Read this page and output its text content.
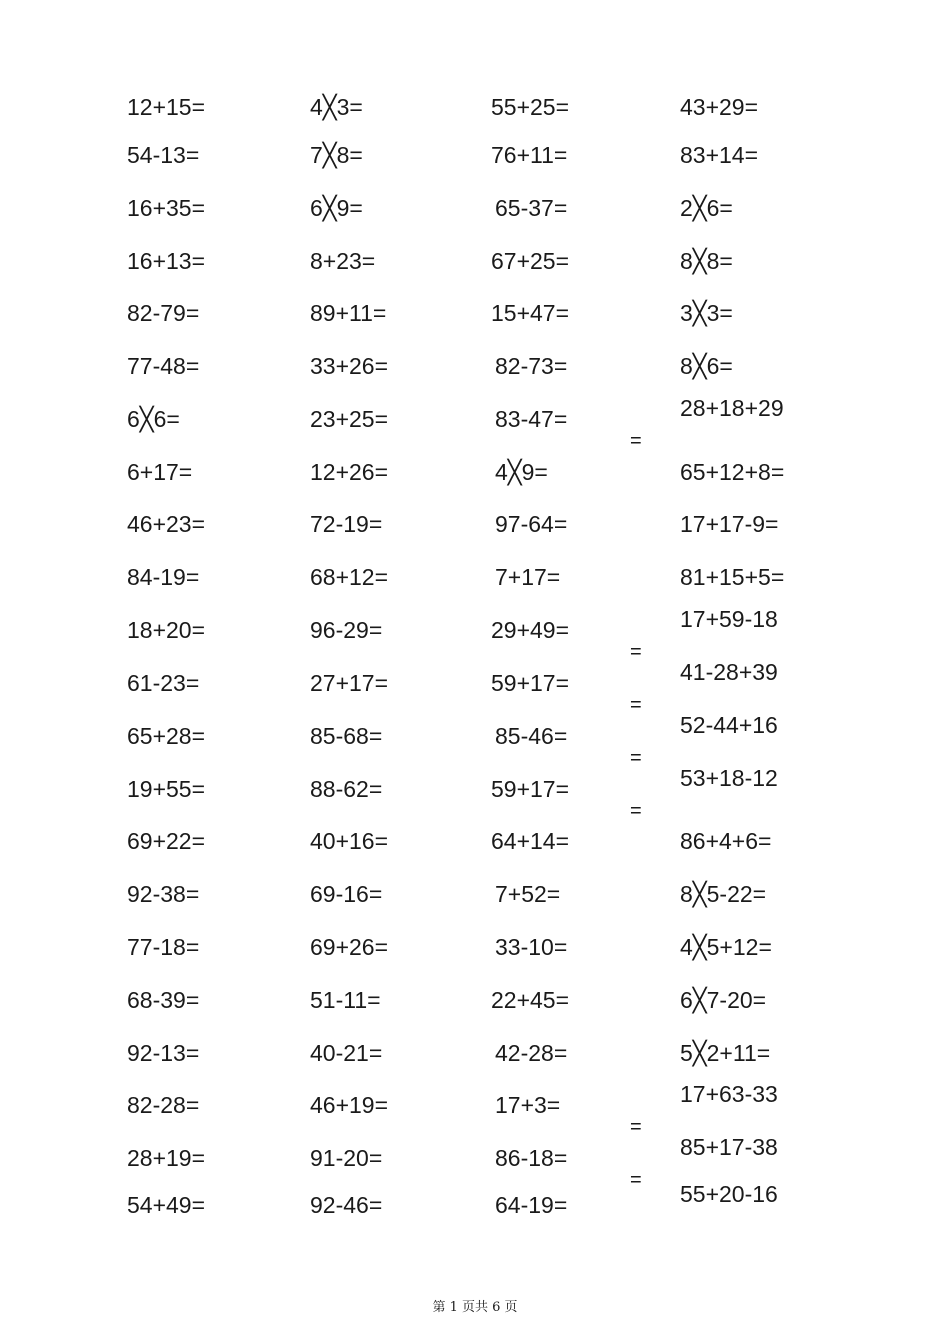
12+15=
54-13=
16+35=
16+13=
82-79=
77-48=
6╳6=
6+17=
46+23=
84-19=
18+20=
61-23=
65+28=
19+55=
69+22=
92-38=
77-18=
68-39=
92-13=
82-28=
28+19=
54+49=
4╳3=
7╳8=
6╳9=
8+23=
89+11=
33+26=
23+25=
12+26=
72-19=
68+12=
96-29=
27+17=
85-68=
88-62=
40+16=
69-16=
69+26=
51-11=
40-21=
46+19=
91-20=
92-46=
55+25=
76+11=
65-37=
67+25=
15+47=
82-73=
83-47=
4╳9=
97-64=
7+17=
29+49=
59+17=
85-46=
59+17=
64+14=
7+52=
33-10=
22+45=
42-28=
17+3=
86-18=
64-19=
43+29=
83+14=
2╳6=
8╳8=
3╳3=
8╳6=
28+18+29
65+12+8=
17+17-9=
81+15+5=
17+59-18
41-28+39
52-44+16
53+18-12
86+4+6=
8╳5-22=
4╳5+12=
6╳7-20=
5╳2+11=
17+63-33
85+17-38
55+20-16
=
=
=
=
=
=
=
第 1 页共 6 页
